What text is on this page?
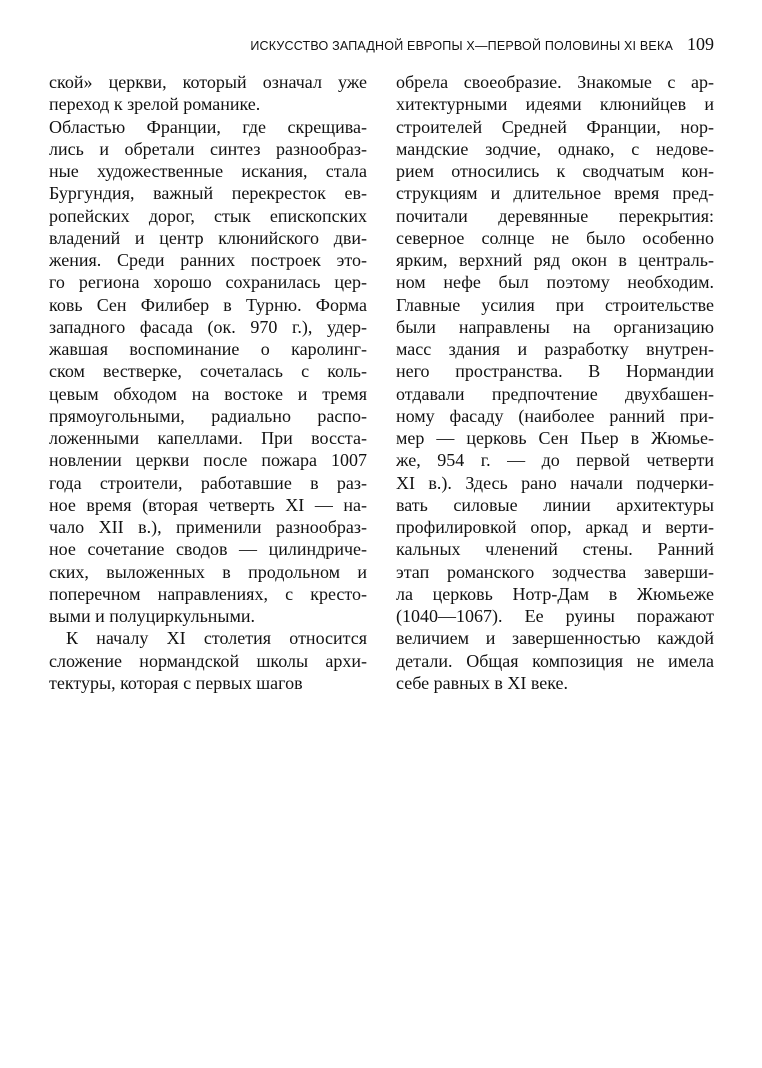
ИСКУССТВО ЗАПАДНОЙ ЕВРОПЫ X—ПЕРВОЙ ПОЛОВИНЫ XI ВЕКА 109
ской» церкви, который означал уже
переход к зрелой романике.
Областью Франции, где скрещива-
лись и обретали синтез разнообраз-
ные художественные искания, стала
Бургундия, важный перекресток ев-
ропейских дорог, стык епископских
владений и центр клюнийского дви-
жения. Среди ранних построек это-
го региона хорошо сохранилась цер-
ковь Сен Филибер в Турню. Форма
западного фасада (ок. 970 г.), удер-
жавшая воспоминание о каролинг-
ском вестверке, сочеталась с коль-
цевым обходом на востоке и тремя
прямоугольными, радиально распо-
ложенными капеллами. При восста-
новлении церкви после пожара 1007
года строители, работавшие в раз-
ное время (вторая четверть XI — на-
чало XII в.), применили разнообраз-
ное сочетание сводов — цилиндриче-
ских, выложенных в продольном и
поперечном направлениях, с кресто-
выми и полуциркульными.
К началу XI столетия относится
сложение нормандской школы архи-
тектуры, которая с первых шагов
обрела своеобразие. Знакомые с ар-
хитектурными идеями клюнийцев и
строителей Средней Франции, нор-
мандские зодчие, однако, с недове-
рием относились к сводчатым кон-
струкциям и длительное время пред-
почитали деревянные перекрытия:
северное солнце не было особенно
ярким, верхний ряд окон в централь-
ном нефе был поэтому необходим.
Главные усилия при строительстве
были направлены на организацию
масс здания и разработку внутрен-
него пространства. В Нормандии
отдавали предпочтение двухбашен-
ному фасаду (наиболее ранний при-
мер — церковь Сен Пьер в Жюмье-
же, 954 г. — до первой четверти
XI в.). Здесь рано начали подчерки-
вать силовые линии архитектуры
профилировкой опор, аркад и верти-
кальных членений стены. Ранний
этап романского зодчества заверши-
ла церковь Нотр-Дам в Жюмьеже
(1040—1067). Ее руины поражают
величием и завершенностью каждой
детали. Общая композиция не имела
себе равных в XI веке.
